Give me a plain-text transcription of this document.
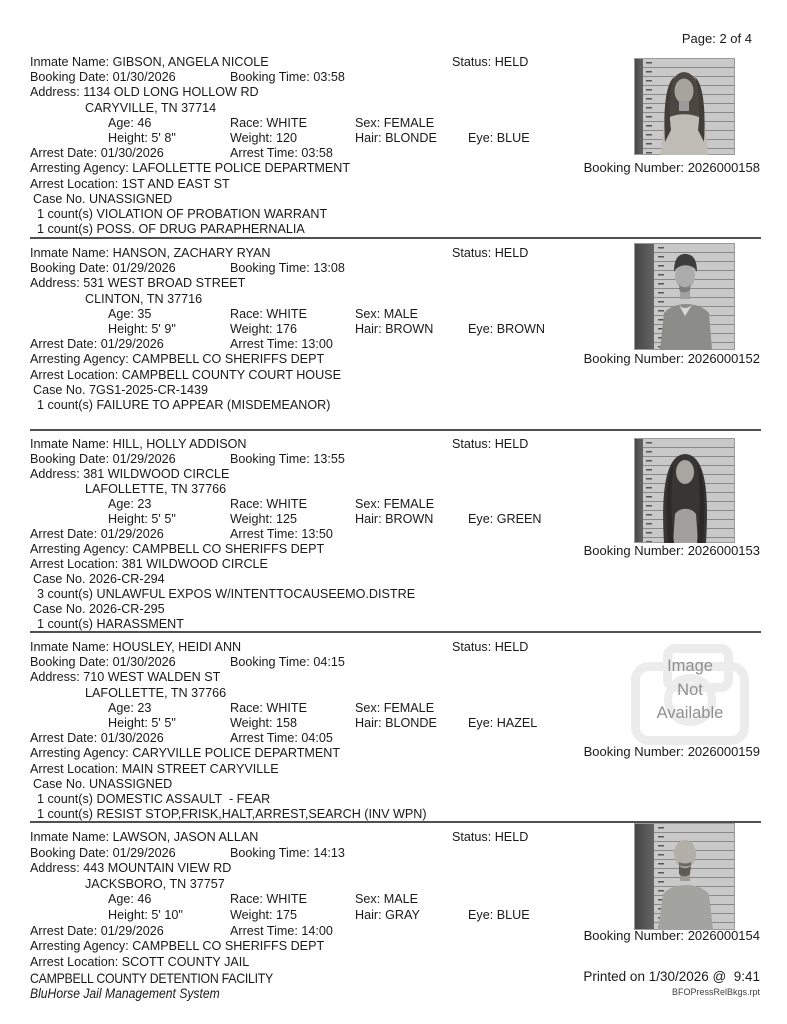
Page: 2 of 4
Inmate Name: GIBSON, ANGELA NICOLE	Status: HELD
Booking Date: 01/30/2026	Booking Time: 03:58
Address: 1134 OLD LONG HOLLOW RD
CARYVILLE, TN 37714
Age: 46	Race: WHITE	Sex: FEMALE
Height: 5' 8"	Weight: 120	Hair: BLONDE Eye: BLUE
Arrest Date: 01/30/2026	Arrest Time: 03:58
Arresting Agency: LAFOLLETTE POLICE DEPARTMENT
Arrest Location: 1ST AND EAST ST
Case No. UNASSIGNED
1 count(s) VIOLATION OF PROBATION WARRANT
1 count(s) POSS. OF DRUG PARAPHERNALIA
Booking Number: 2026000158
Inmate Name: HANSON, ZACHARY RYAN	Status: HELD
Booking Date: 01/29/2026	Booking Time: 13:08
Address: 531 WEST BROAD STREET
CLINTON, TN 37716
Age: 35	Race: WHITE	Sex: MALE
Height: 5' 9"	Weight: 176	Hair: BROWN	Eye: BROWN
Arrest Date: 01/29/2026	Arrest Time: 13:00
Arresting Agency: CAMPBELL CO SHERIFFS DEPT
Arrest Location: CAMPBELL COUNTY COURT HOUSE
Case No. 7GS1-2025-CR-1439
1 count(s) FAILURE TO APPEAR (MISDEMEANOR)
Booking Number: 2026000152
Inmate Name: HILL, HOLLY ADDISON	Status: HELD
Booking Date: 01/29/2026	Booking Time: 13:55
Address: 381 WILDWOOD CIRCLE
LAFOLLETTE, TN 37766
Age: 23	Race: WHITE	Sex: FEMALE
Height: 5' 5"	Weight: 125	Hair: BROWN	Eye: GREEN
Arrest Date: 01/29/2026	Arrest Time: 13:50
Arresting Agency: CAMPBELL CO SHERIFFS DEPT
Arrest Location: 381 WILDWOOD CIRCLE
Case No. 2026-CR-294
3 count(s) UNLAWFUL EXPOS W/INTENTTOCAUSEEMO.DISTRE
Case No. 2026-CR-295
1 count(s) HARASSMENT
Booking Number: 2026000153
Inmate Name: HOUSLEY, HEIDI ANN	Status: HELD
Booking Date: 01/30/2026	Booking Time: 04:15
Address: 710 WEST WALDEN ST
LAFOLLETTE, TN 37766
Age: 23	Race: WHITE	Sex: FEMALE
Height: 5' 5"	Weight: 158	Hair: BLONDE Eye: HAZEL
Arrest Date: 01/30/2026	Arrest Time: 04:05
Arresting Agency: CARYVILLE POLICE DEPARTMENT
Arrest Location: MAIN STREET CARYVILLE
Case No. UNASSIGNED
1 count(s) DOMESTIC ASSAULT  - FEAR
1 count(s) RESIST STOP,FRISK,HALT,ARREST,SEARCH (INV WPN)
Image
Not
Available
Booking Number: 2026000159
Inmate Name: LAWSON, JASON ALLAN	Status: HELD
Booking Date: 01/29/2026	Booking Time: 14:13
Address: 443 MOUNTAIN VIEW RD
JACKSBORO, TN 37757
Age: 46	Race: WHITE	Sex: MALE
Height: 5' 10"	Weight: 175	Hair: GRAY	Eye: BLUE
Arrest Date: 01/29/2026	Arrest Time: 14:00
Arresting Agency: CAMPBELL CO SHERIFFS DEPT
Arrest Location: SCOTT COUNTY JAIL
Booking Number: 2026000154
CAMPBELL COUNTY DETENTION FACILITY
BluHorse Jail Management System
Printed on 1/30/2026 @  9:41
BFOPressRelBkgs.rpt
